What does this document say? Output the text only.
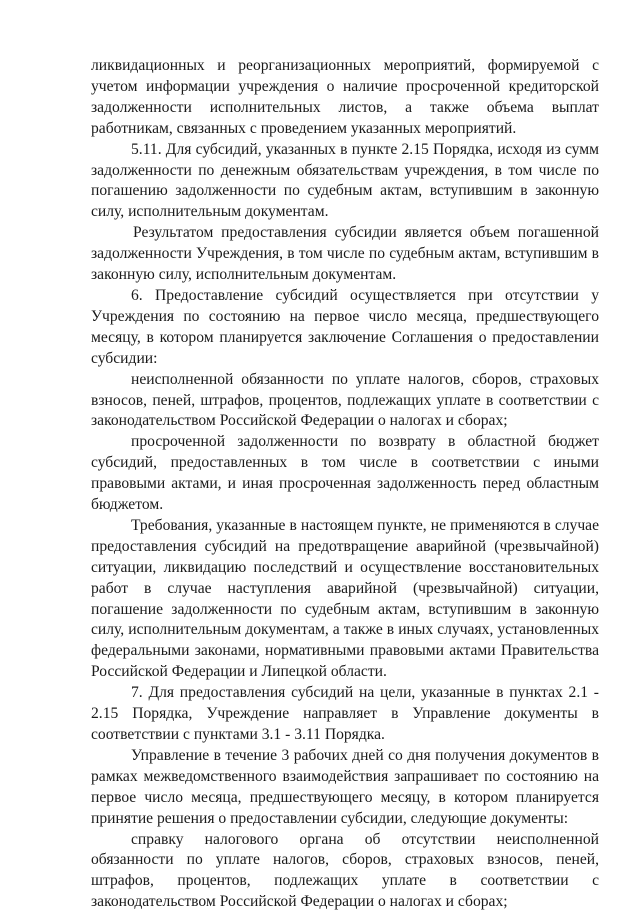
ликвидационных и реорганизационных мероприятий, формируемой с учетом информации учреждения о наличие просроченной кредиторской задолженности исполнительных листов, а также объема выплат работникам, связанных с проведением указанных мероприятий.

5.11. Для субсидий, указанных в пункте 2.15 Порядка, исходя из сумм задолженности по денежным обязательствам учреждения, в том числе по погашению задолженности по судебным актам, вступившим в законную силу, исполнительным документам.

Результатом предоставления субсидии является объем погашенной задолженности Учреждения, в том числе по судебным актам, вступившим в законную силу, исполнительным документам.

6. Предоставление субсидий осуществляется при отсутствии у Учреждения по состоянию на первое число месяца, предшествующего месяцу, в котором планируется заключение Соглашения о предоставлении субсидии:

неисполненной обязанности по уплате налогов, сборов, страховых взносов, пеней, штрафов, процентов, подлежащих уплате в соответствии с законодательством Российской Федерации о налогах и сборах;

просроченной задолженности по возврату в областной бюджет субсидий, предоставленных в том числе в соответствии с иными правовыми актами, и иная просроченная задолженность перед областным бюджетом.

Требования, указанные в настоящем пункте, не применяются в случае предоставления субсидий на предотвращение аварийной (чрезвычайной) ситуации, ликвидацию последствий и осуществление восстановительных работ в случае наступления аварийной (чрезвычайной) ситуации, погашение задолженности по судебным актам, вступившим в законную силу, исполнительным документам, а также в иных случаях, установленных федеральными законами, нормативными правовыми актами Правительства Российской Федерации и Липецкой области.

7. Для предоставления субсидий на цели, указанные в пунктах 2.1 - 2.15 Порядка, Учреждение направляет в Управление документы в соответствии с пунктами 3.1 - 3.11 Порядка.

Управление в течение 3 рабочих дней со дня получения документов в рамках межведомственного взаимодействия запрашивает по состоянию на первое число месяца, предшествующего месяцу, в котором планируется принятие решения о предоставлении субсидии, следующие документы:

справку налогового органа об отсутствии неисполненной обязанности по уплате налогов, сборов, страховых взносов, пеней, штрафов, процентов, подлежащих уплате в соответствии с законодательством Российской Федерации о налогах и сборах;
